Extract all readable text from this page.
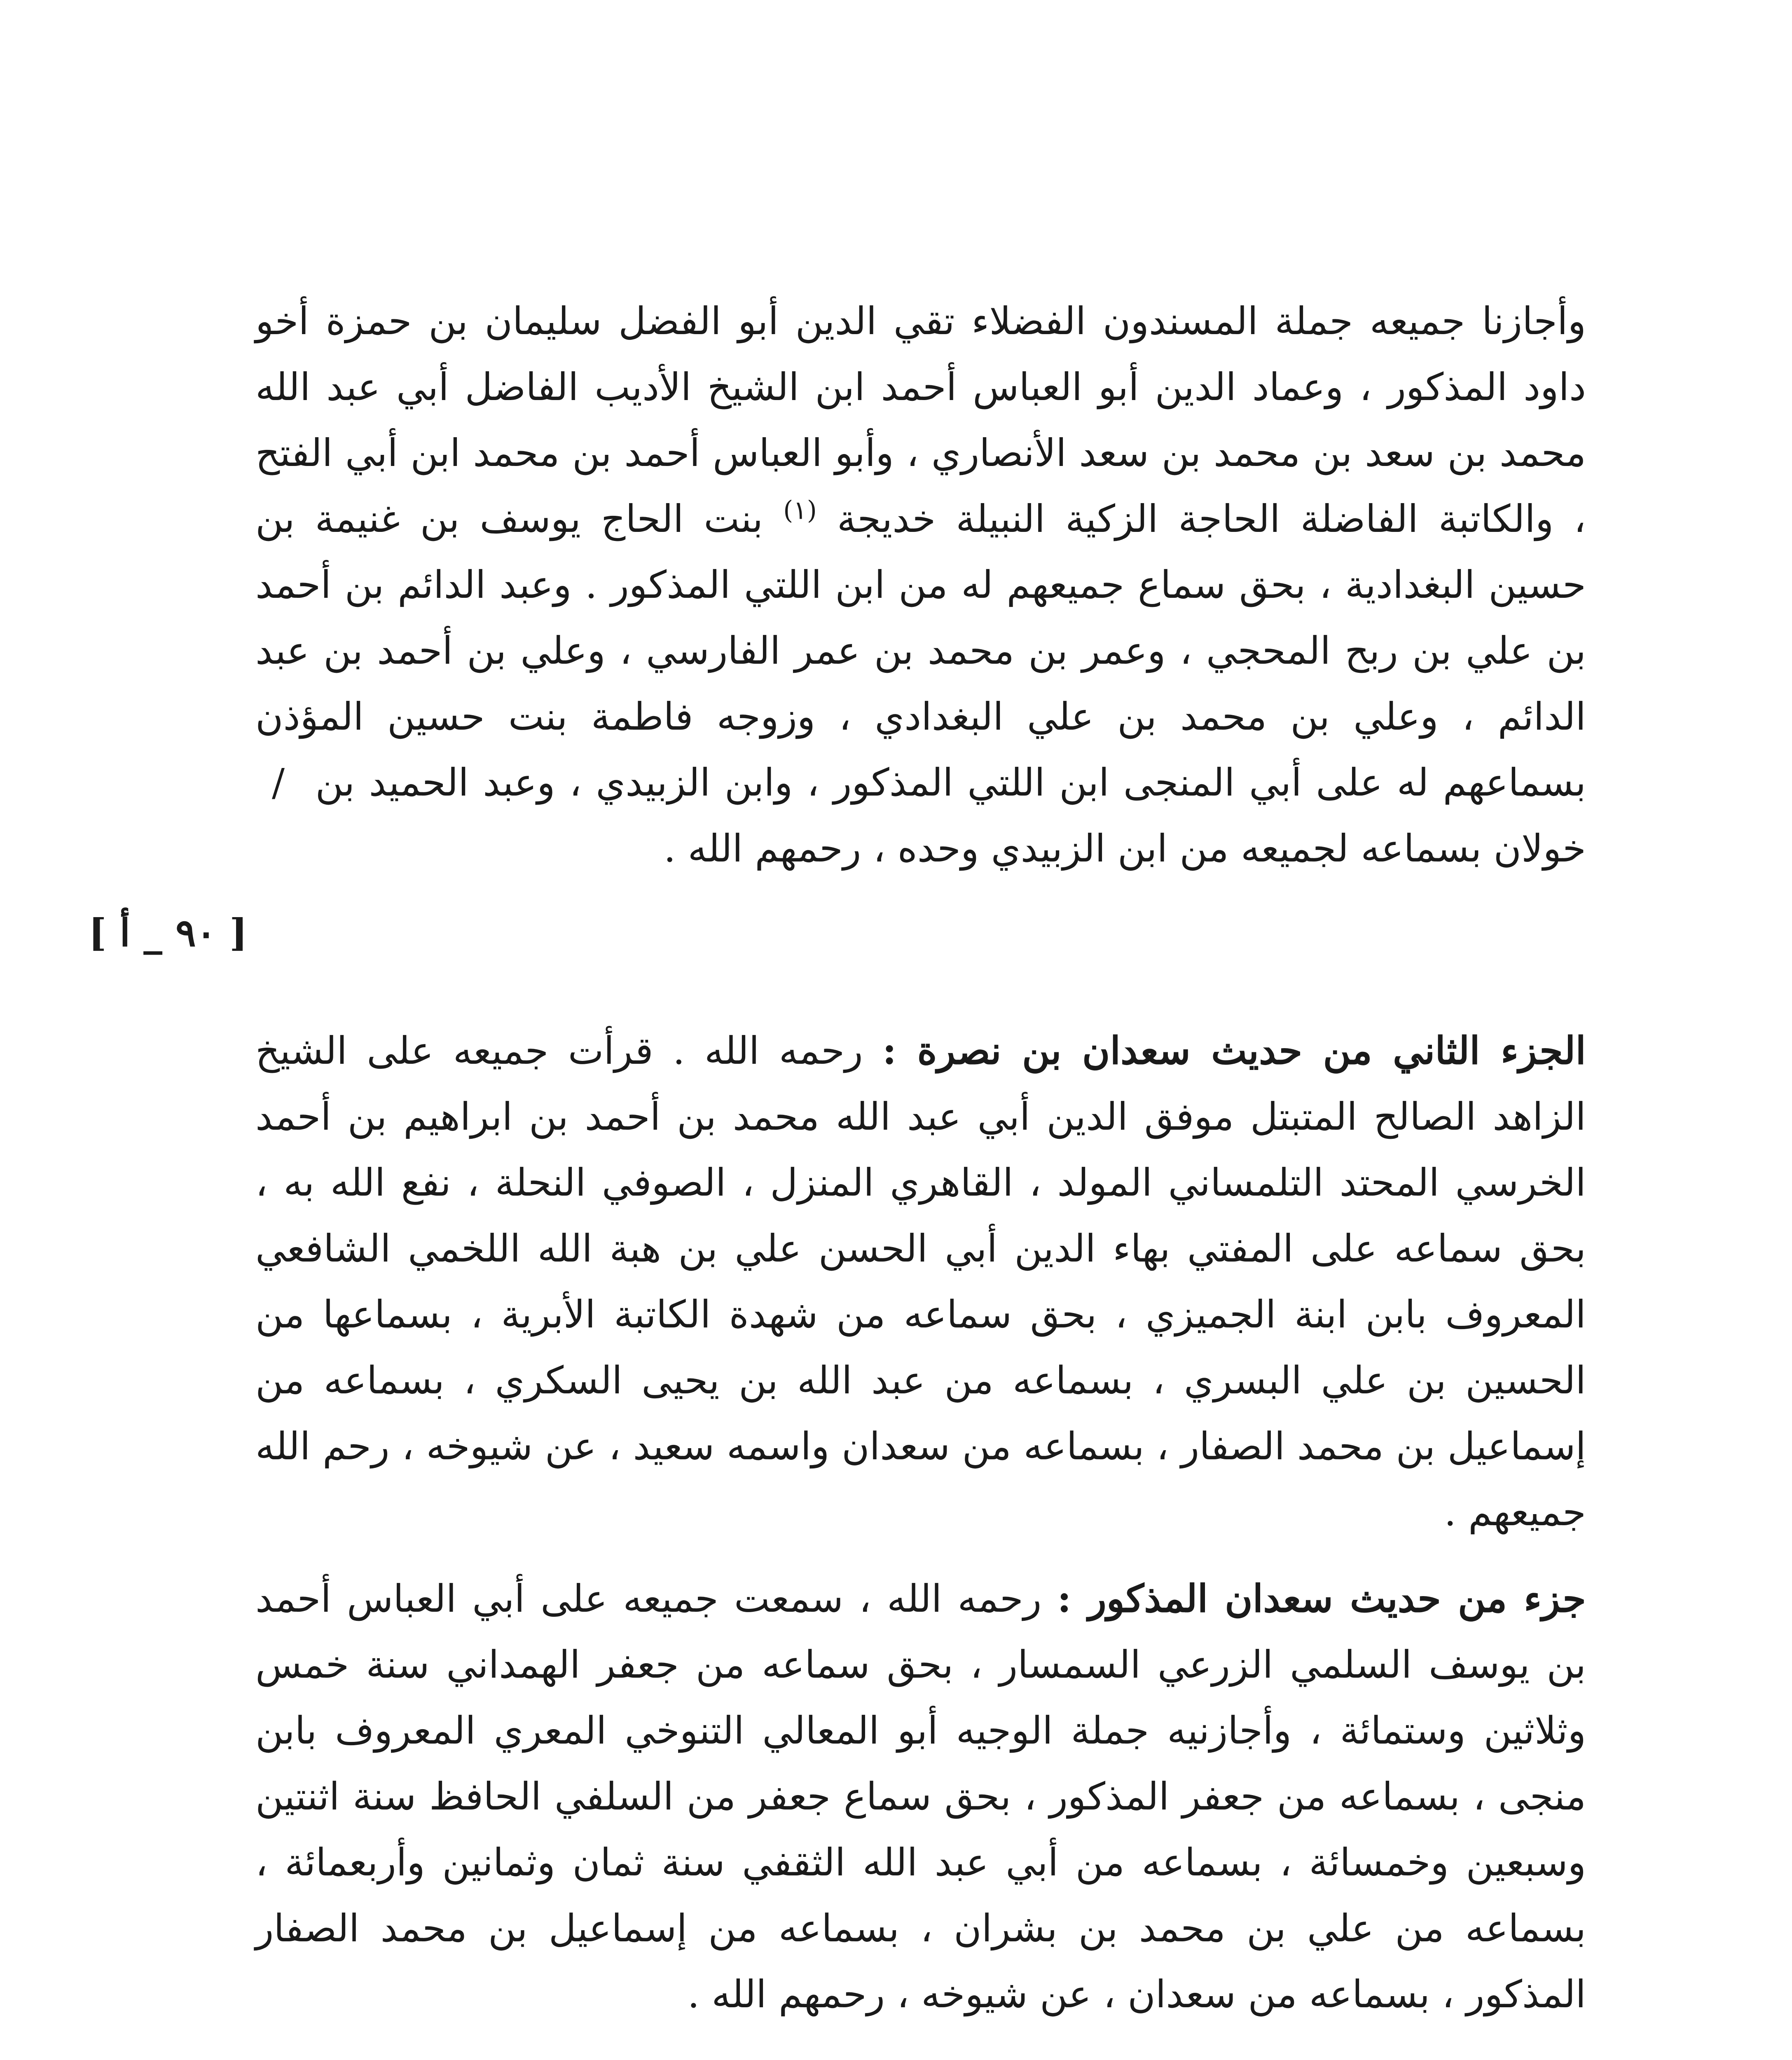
وأجازنا جميعه جملة المسندون الفضلاء تقي الدين أبو الفضل سليمان بن حمزة أخو داود المذكور ، وعماد الدين أبو العباس أحمد ابن الشيخ الأديب الفاضل أبي عبد الله محمد بن سعد بن محمد بن سعد الأنصاري ، وأبو العباس أحمد بن محمد ابن أبي الفتح ، والكاتبة الفاضلة الحاجة الزكية النبيلة خديجة $^{(١)}$ بنت الحاج يوسف بن غنيمة بن حسين البغدادية ، بحق سماع جميعهم له من ابن اللتي المذكور . وعبد الدائم بن أحمد بن علي بن ربح المحجي ، وعمر بن محمد بن عمر الفارسي ، وعلي بن أحمد بن عبد الدائم ، وعلي بن محمد بن علي البغدادي ، وزوجه فاطمة بنت حسين المؤذن بسماعهم له على أبي المنجى ابن اللتي المذكور ، وابن الزبيدي ، وعبد الحميد بن / خولان بسماعه لجميعه من ابن الزبيدي وحده ، رحمهم الله .

[ ٩٠ _ أ ]

الجزء الثاني من حديث سعدان بن نصرة : رحمه الله . قرأت جميعه على الشيخ الزاهد الصالح المتبتل موفق الدين أبي عبد الله محمد بن أحمد بن ابراهيم بن أحمد الخرسي المحتد التلمساني المولد ، القاهري المنزل ، الصوفي النحلة ، نفع الله به ، بحق سماعه على المفتي بهاء الدين أبي الحسن علي بن هبة الله اللخمي الشافعي المعروف بابن ابنة الجميزي ، بحق سماعه من شهدة الكاتبة الأبرية ، بسماعها من الحسين بن علي البسري ، بسماعه من عبد الله بن يحيى السكري ، بسماعه من إسماعيل بن محمد الصفار ، بسماعه من سعدان واسمه سعيد ، عن شيوخه ، رحم الله جميعهم .

جزء من حديث سعدان المذكور : رحمه الله ، سمعت جميعه على أبي العباس أحمد بن يوسف السلمي الزرعي السمسار ، بحق سماعه من جعفر الهمداني سنة خمس وثلاثين وستمائة ، وأجازنيه جملة الوجيه أبو المعالي التنوخي المعري المعروف بابن منجى ، بسماعه من جعفر المذكور ، بحق سماع جعفر من السلفي الحافظ سنة اثنتين وسبعين وخمسائة ، بسماعه من أبي عبد الله الثقفي سنة ثمان وثمانين وأربعمائة ، بسماعه من علي بن محمد بن بشران ، بسماعه من إسماعيل بن محمد الصفار المذكور ، بسماعه من سعدان ، عن شيوخه ، رحمهم الله .
